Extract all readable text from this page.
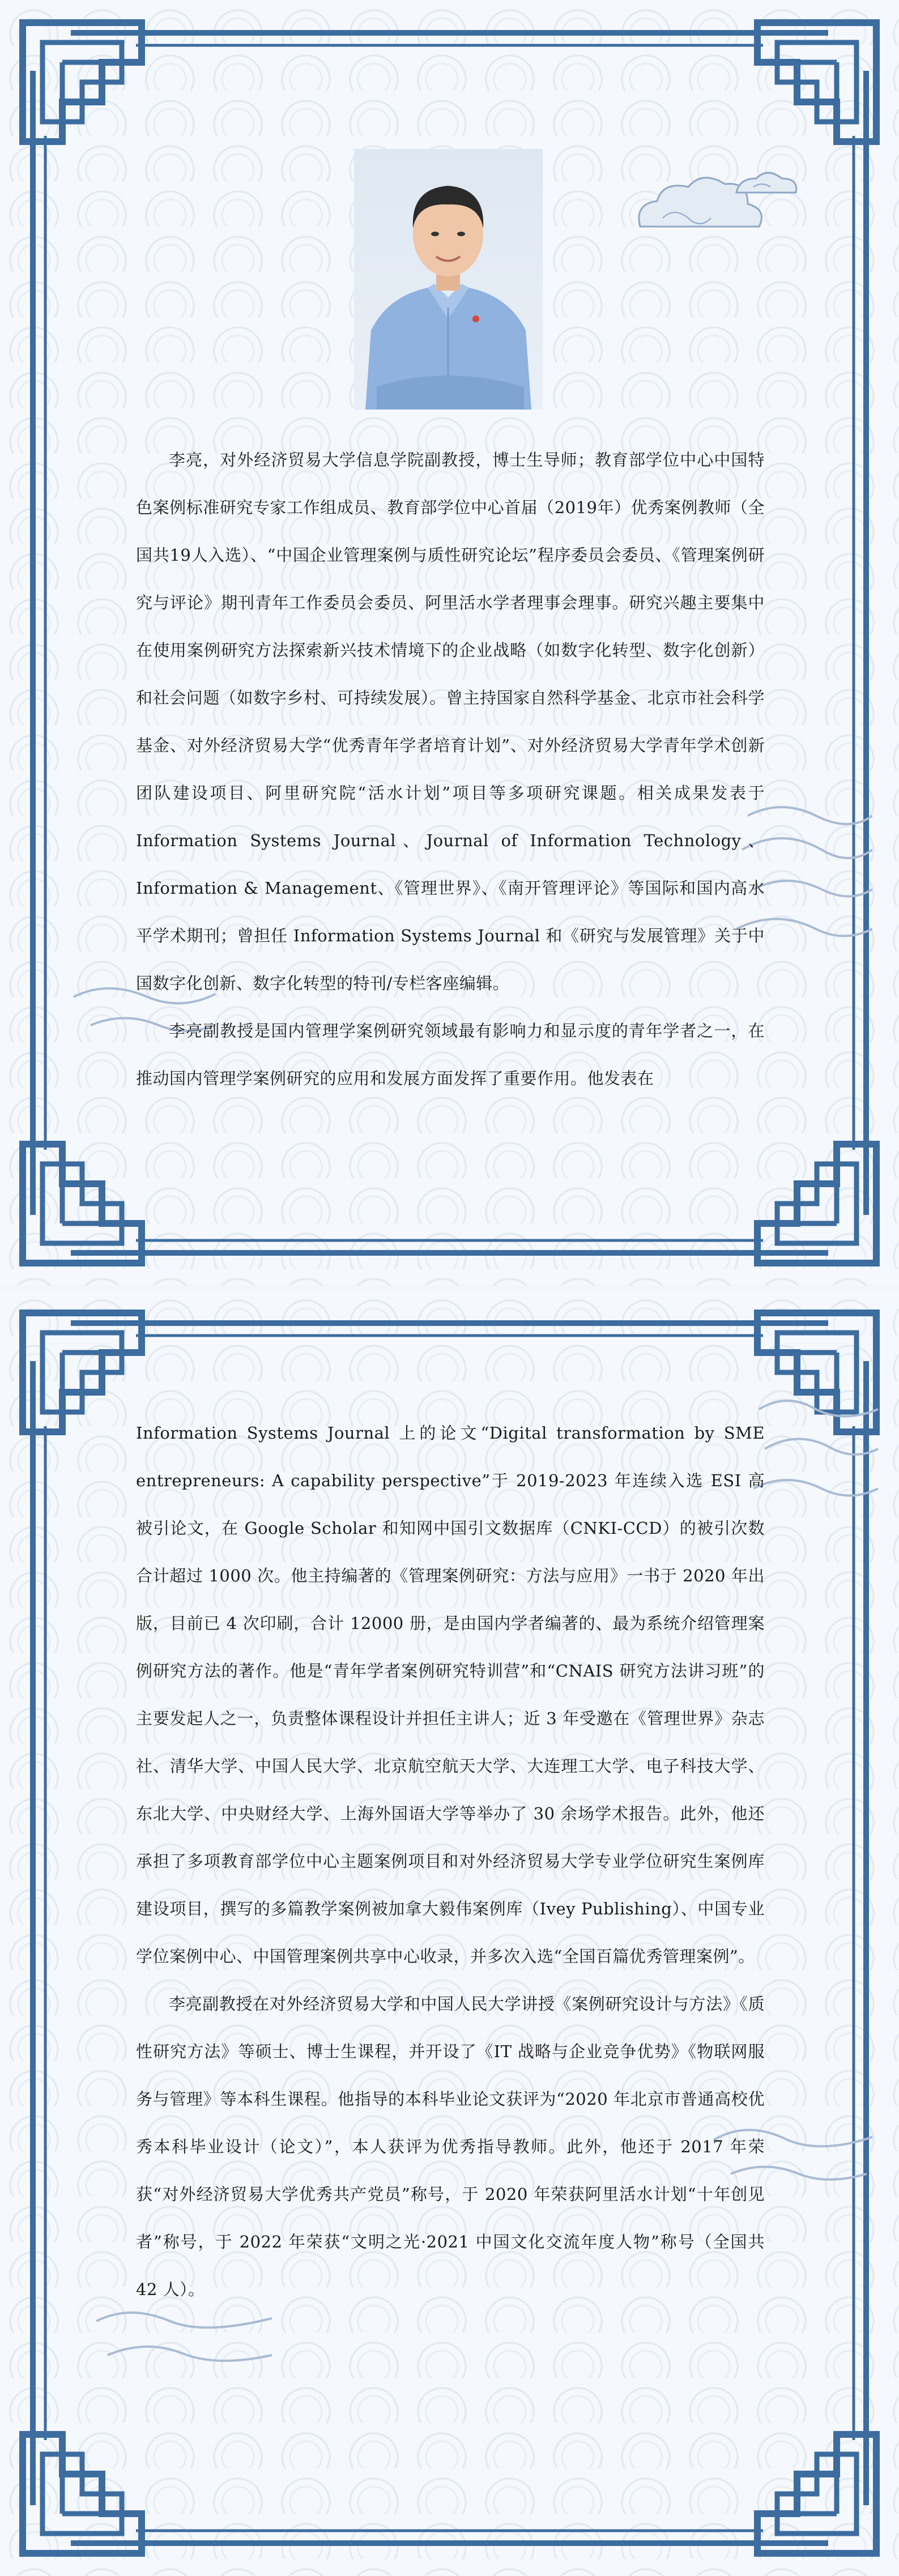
李亮，对外经济贸易大学信息学院副教授，博士生导师；教育部学位中心中国特色案例标准研究专家工作组成员、教育部学位中心首届（2019年）优秀案例教师（全国共19人入选）、“中国企业管理案例与质性研究论坛”程序委员会委员、《管理案例研究与评论》期刊青年工作委员会委员、阿里活水学者理事会理事。研究兴趣主要集中在使用案例研究方法探索新兴技术情境下的企业战略（如数字化转型、数字化创新）和社会问题（如数字乡村、可持续发展）。曾主持国家自然科学基金、北京市社会科学基金、对外经济贸易大学“优秀青年学者培育计划”、对外经济贸易大学青年学术创新团队建设项目、阿里研究院“活水计划”项目等多项研究课题。相关成果发表于 Information Systems Journal、Journal of Information Technology、Information & Management、《管理世界》、《南开管理评论》等国际和国内高水平学术期刊；曾担任 Information Systems Journal 和《研究与发展管理》关于中国数字化创新、数字化转型的特刊/专栏客座编辑。

李亮副教授是国内管理学案例研究领域最有影响力和显示度的青年学者之一，在推动国内管理学案例研究的应用和发展方面发挥了重要作用。他发表在

Information Systems Journal 上的论文“Digital transformation by SME entrepreneurs: A capability perspective”于 2019-2023 年连续入选 ESI 高被引论文，在 Google Scholar 和知网中国引文数据库（CNKI-CCD）的被引次数合计超过 1000 次。他主持编著的《管理案例研究：方法与应用》一书于 2020 年出版，目前已 4 次印刷，合计 12000 册，是由国内学者编著的、最为系统介绍管理案例研究方法的著作。他是“青年学者案例研究特训营”和“CNAIS 研究方法讲习班”的主要发起人之一，负责整体课程设计并担任主讲人；近 3 年受邀在《管理世界》杂志社、清华大学、中国人民大学、北京航空航天大学、大连理工大学、电子科技大学、东北大学、中央财经大学、上海外国语大学等举办了 30 余场学术报告。此外，他还承担了多项教育部学位中心主题案例项目和对外经济贸易大学专业学位研究生案例库建设项目，撰写的多篇教学案例被加拿大毅伟案例库（Ivey Publishing）、中国专业学位案例中心、中国管理案例共享中心收录，并多次入选“全国百篇优秀管理案例”。

李亮副教授在对外经济贸易大学和中国人民大学讲授《案例研究设计与方法》《质性研究方法》等硕士、博士生课程，并开设了《IT 战略与企业竞争优势》《物联网服务与管理》等本科生课程。他指导的本科毕业论文获评为“2020 年北京市普通高校优秀本科毕业设计（论文）”，本人获评为优秀指导教师。此外，他还于 2017 年荣获“对外经济贸易大学优秀共产党员”称号，于 2020 年荣获阿里活水计划“十年创见者”称号，于 2022 年荣获“文明之光·2021 中国文化交流年度人物”称号（全国共 42 人）。
